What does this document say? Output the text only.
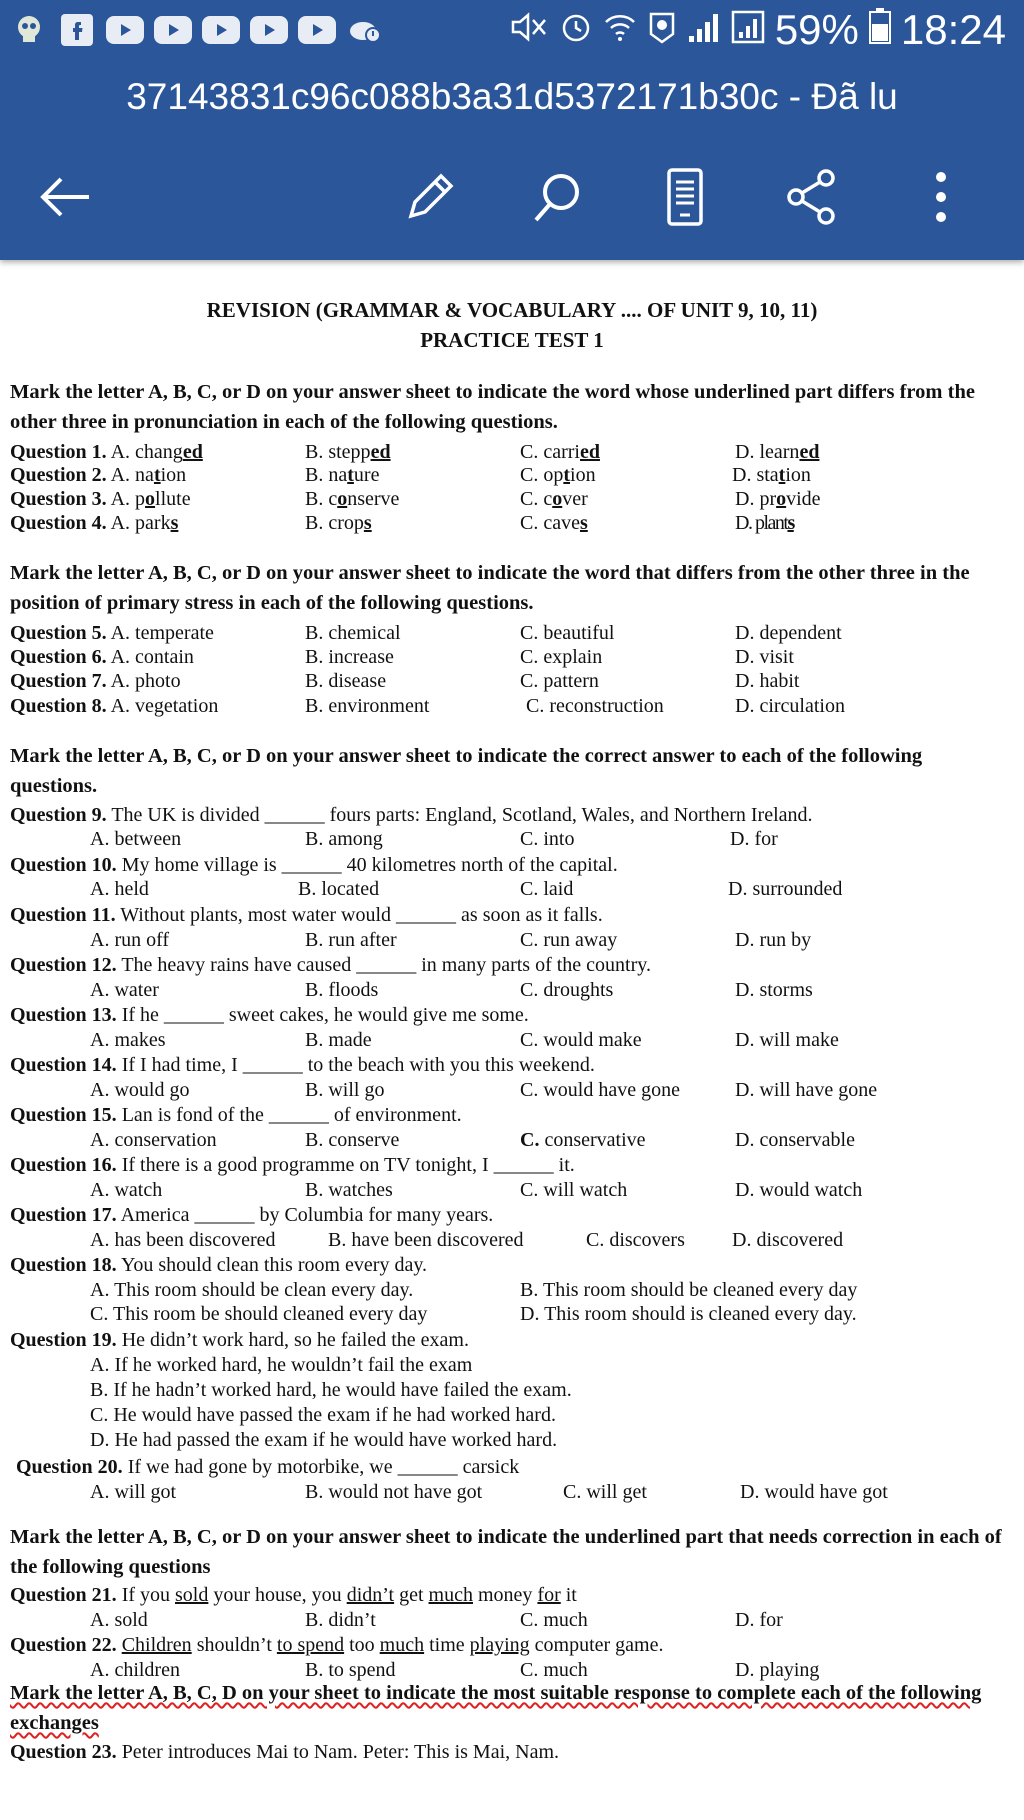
59% 18:24
37143831c96c088b3a31d5372171b30c - Đã lu
REVISION (GRAMMAR & VOCABULARY .... OF UNIT 9, 10, 11)
PRACTICE TEST 1
Mark the letter A, B, C, or D on your answer sheet to indicate the word whose underlined part differs from the other three in pronunciation in each of the following questions.
Question 1. A. changed	B. stepped	C. carried	D. learned
Question 2. A. nation	B. nature	C. option	D. station
Question 3. A. pollute	B. conserve	C. cover	D. provide
Question 4. A. parks	B. crops	C. caves	D. plants
Mark the letter A, B, C, or D on your answer sheet to indicate the word that differs from the other three in the position of primary stress in each of the following questions.
Question 5. A. temperate	B. chemical	C. beautiful	D. dependent
Question 6. A. contain	B. increase	C. explain	D. visit
Question 7. A. photo	B. disease	C. pattern	D. habit
Question 8. A. vegetation	B. environment	C. reconstruction	D. circulation
Mark the letter A, B, C, or D on your answer sheet to indicate the correct answer to each of the following questions.
Question 9. The UK is divided ______ fours parts: England, Scotland, Wales, and Northern Ireland.
A. between	B. among	C. into	D. for
Question 10. My home village is ______ 40 kilometres north of the capital.
A. held	B. located	C. laid	D. surrounded
Question 11. Without plants, most water would ______ as soon as it falls.
A. run off	B. run after	C. run away	D. run by
Question 12. The heavy rains have caused ______ in many parts of the country.
A. water	B. floods	C. droughts	D. storms
Question 13. If he ______ sweet cakes, he would give me some.
A. makes	B. made	C. would make	D. will make
Question 14. If I had time, I ______ to the beach with you this weekend.
A. would go	B. will go	C. would have gone	D. will have gone
Question 15. Lan is fond of the ______ of environment.
A. conservation	B. conserve	C. conservative	D. conservable
Question 16. If there is a good programme on TV tonight, I ______ it.
A. watch	B. watches	C. will watch	D. would watch
Question 17. America ______ by Columbia for many years.
A. has been discovered	B. have been discovered	C. discovers D. discovered
Question 18. You should clean this room every day.
A. This room should be clean every day.	B. This room should be cleaned every day
C. This room be should cleaned every day	D. This room should is cleaned every day.
Question 19. He didn’t work hard, so he failed the exam.
A. If he worked hard, he wouldn’t fail the exam
B. If he hadn’t worked hard, he would have failed the exam.
C. He would have passed the exam if he had worked hard.
D. He had passed the exam if he would have worked hard.
Question 20. If we had gone by motorbike, we ______ carsick
A. will got	B. would not have got	C. will get	D. would have got
Mark the letter A, B, C, or D on your answer sheet to indicate the underlined part that needs correction in each of the following questions
Question 21. If you sold your house, you didn’t get much money for it
A. sold	B. didn’t	C. much	D. for
Question 22. Children shouldn’t to spend too much time playing computer game.
A. children	B. to spend	C. much	D. playing
Mark the letter A, B, C, D on your sheet to indicate the most suitable response to complete each of the following exchanges
Question 23. Peter introduces Mai to Nam. Peter: This is Mai, Nam.
